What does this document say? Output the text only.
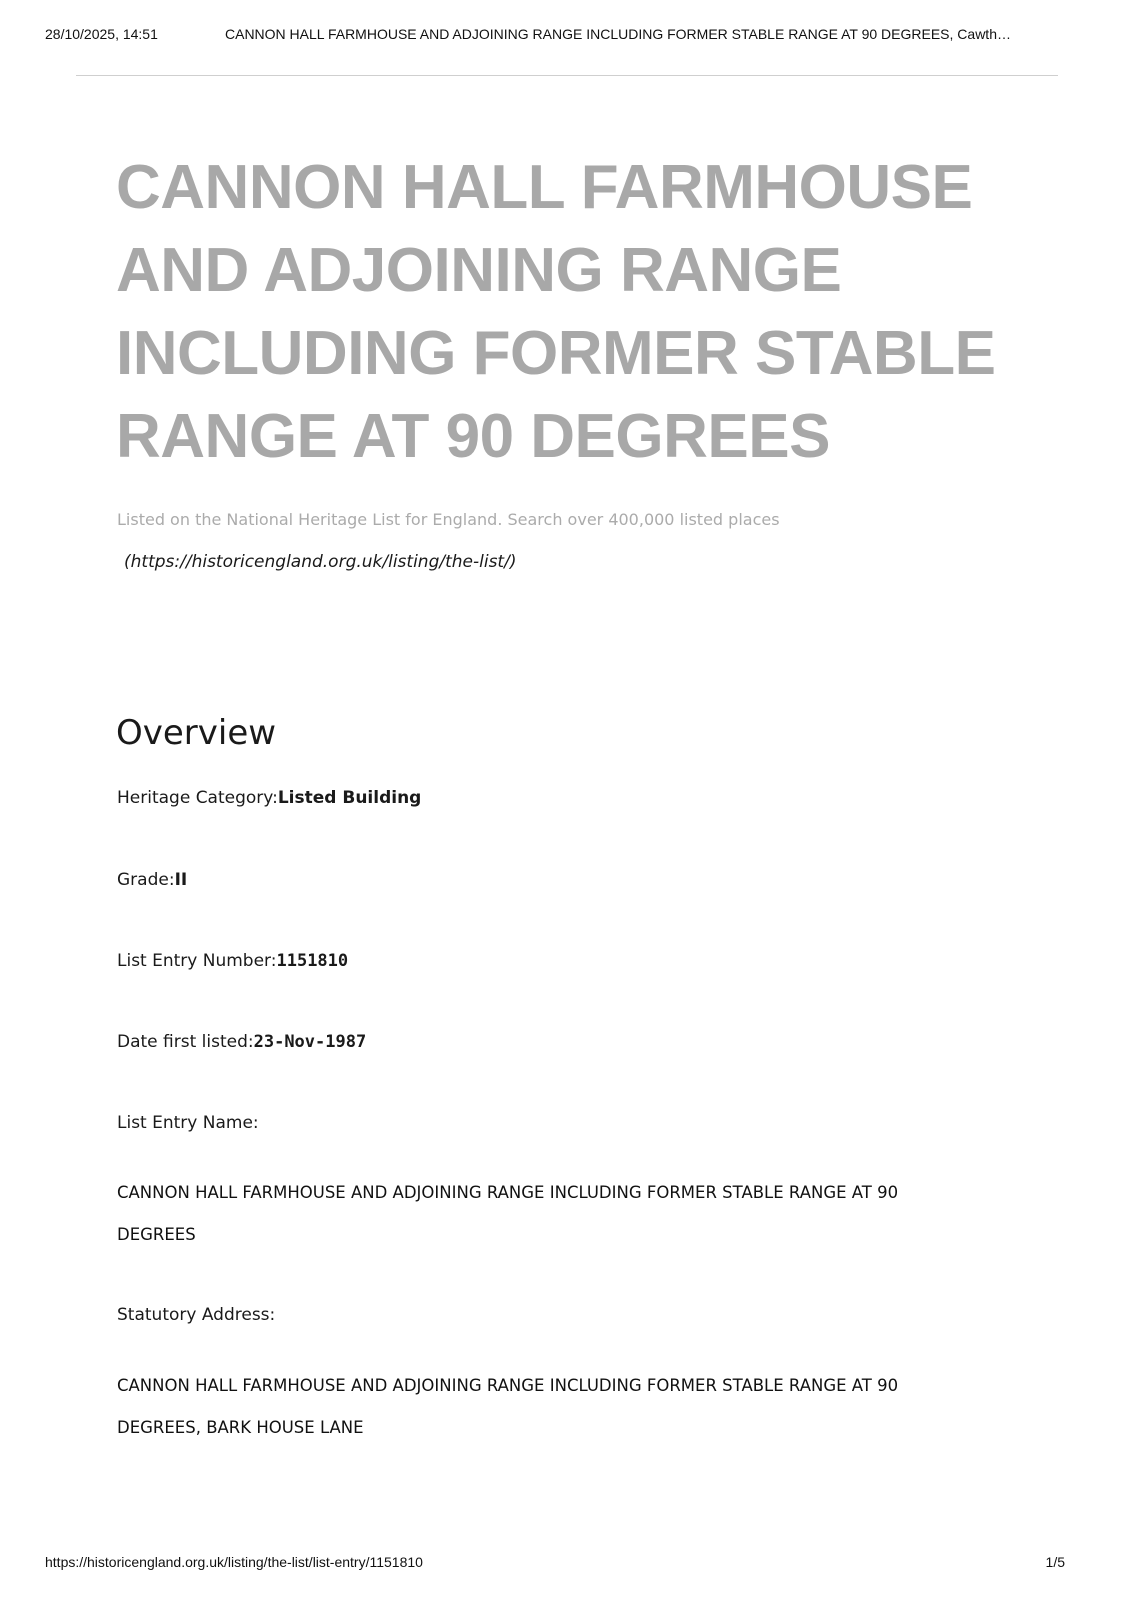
28/10/2025, 14:51	CANNON HALL FARMHOUSE AND ADJOINING RANGE INCLUDING FORMER STABLE RANGE AT 90 DEGREES, Cawth…
CANNON HALL FARMHOUSE AND ADJOINING RANGE INCLUDING FORMER STABLE RANGE AT 90 DEGREES
Listed on the National Heritage List for England. Search over 400,000 listed places
(https://historicengland.org.uk/listing/the-list/)
Overview
Heritage Category:Listed Building
Grade:II
List Entry Number:1151810
Date first listed:23-Nov-1987
List Entry Name:
CANNON HALL FARMHOUSE AND ADJOINING RANGE INCLUDING FORMER STABLE RANGE AT 90 DEGREES
Statutory Address:
CANNON HALL FARMHOUSE AND ADJOINING RANGE INCLUDING FORMER STABLE RANGE AT 90 DEGREES, BARK HOUSE LANE
https://historicengland.org.uk/listing/the-list/list-entry/1151810	1/5
